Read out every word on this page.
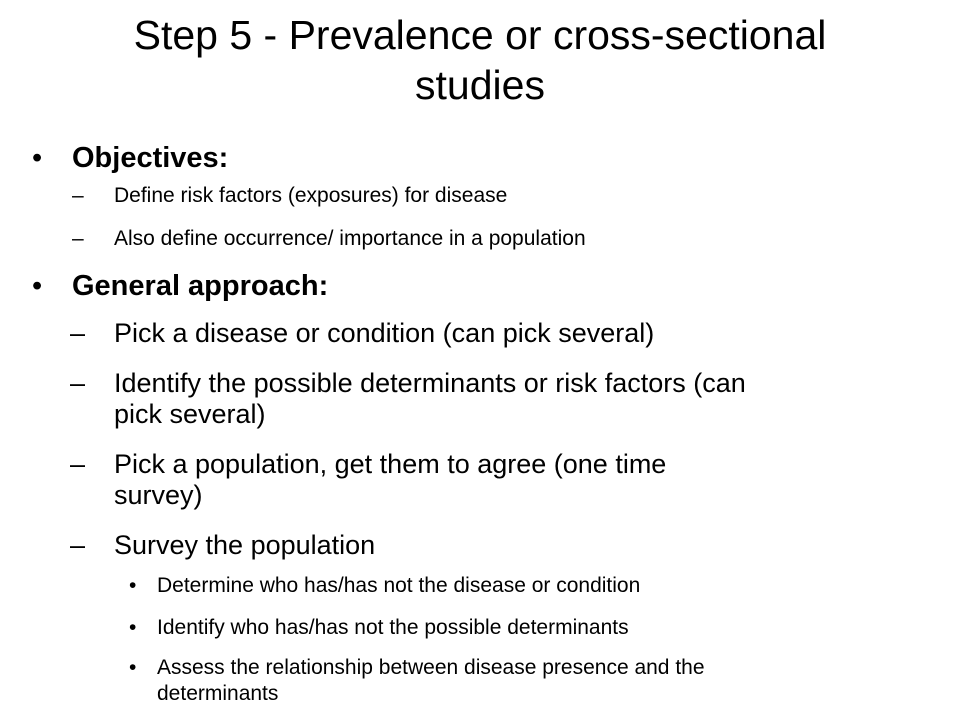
Step 5 - Prevalence or cross-sectional
studies
• Objectives:
– Define risk factors (exposures) for disease
– Also define occurrence/ importance in a population
• General approach:
– Pick a disease or condition (can pick several)
– Identify the possible determinants or risk factors (can
pick several)
– Pick a population, get them to agree (one time
survey)
– Survey the population
• Determine who has/has not the disease or condition
• Identify who has/has not the possible determinants
• Assess the relationship between disease presence and the
determinants
